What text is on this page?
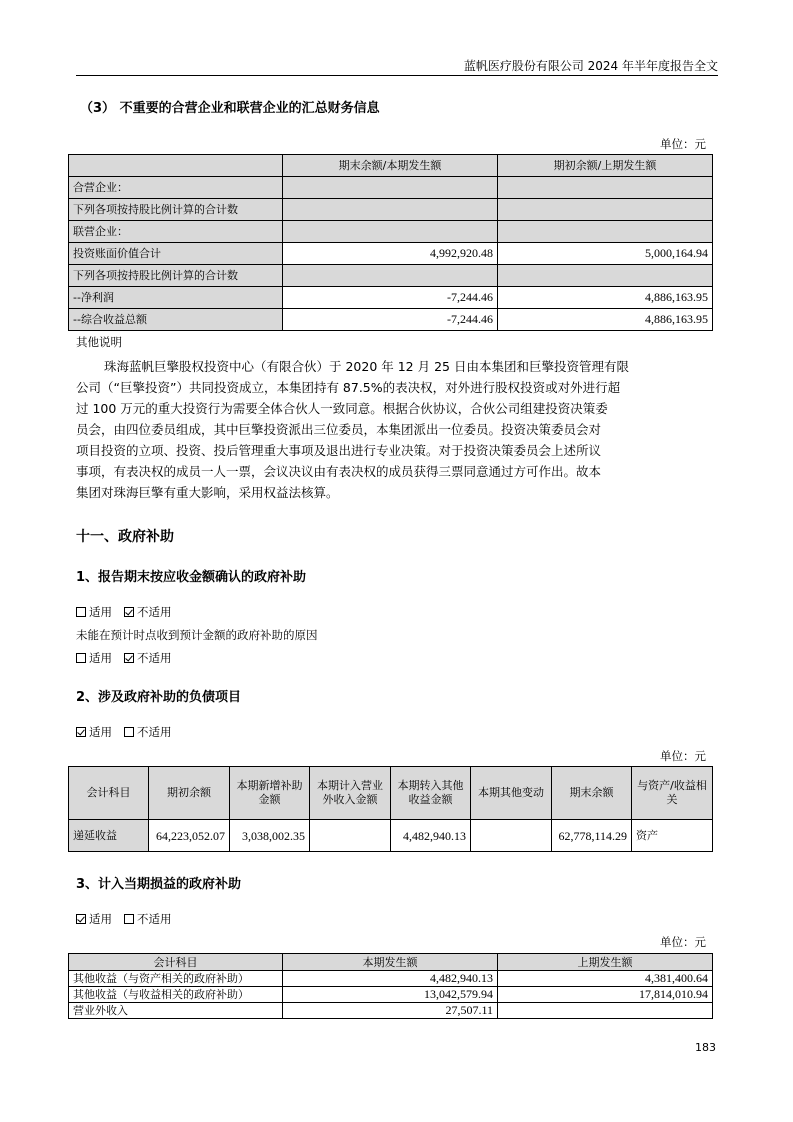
蓝帆医疗股份有限公司 2024 年半年度报告全文
（3） 不重要的合营企业和联营企业的汇总财务信息
单位：元
	期末余额/本期发生额	期初余额/上期发生额
合营企业：		
下列各项按持股比例计算的合计数		
联营企业：		
投资账面价值合计	4,992,920.48	5,000,164.94
下列各项按持股比例计算的合计数		
--净利润	-7,244.46	4,886,163.95
--综合收益总额	-7,244.46	4,886,163.95
其他说明
珠海蓝帆巨擎股权投资中心（有限合伙）于 2020 年 12 月 25 日由本集团和巨擎投资管理有限
公司（“巨擎投资”）共同投资成立，本集团持有 87.5%的表决权，对外进行股权投资或对外进行超
过 100 万元的重大投资行为需要全体合伙人一致同意。根据合伙协议，合伙公司组建投资决策委
员会，由四位委员组成，其中巨擎投资派出三位委员，本集团派出一位委员。投资决策委员会对
项目投资的立项、投资、投后管理重大事项及退出进行专业决策。对于投资决策委员会上述所议
事项，有表决权的成员一人一票，会议决议由有表决权的成员获得三票同意通过方可作出。故本
集团对珠海巨擎有重大影响，采用权益法核算。
十一、政府补助
1、报告期末按应收金额确认的政府补助
适用 不适用
未能在预计时点收到预计金额的政府补助的原因
适用 不适用
2、涉及政府补助的负债项目
适用 不适用
单位：元
会计科目	期初余额	本期新增补助金额	本期计入营业外收入金额	本期转入其他收益金额	本期其他变动	期末余额	与资产/收益相关
递延收益	64,223,052.07	3,038,002.35		4,482,940.13		62,778,114.29	资产
3、计入当期损益的政府补助
适用 不适用
单位：元
会计科目	本期发生额	上期发生额
其他收益（与资产相关的政府补助）	4,482,940.13	4,381,400.64
其他收益（与收益相关的政府补助）	13,042,579.94	17,814,010.94
营业外收入	27,507.11	
183
